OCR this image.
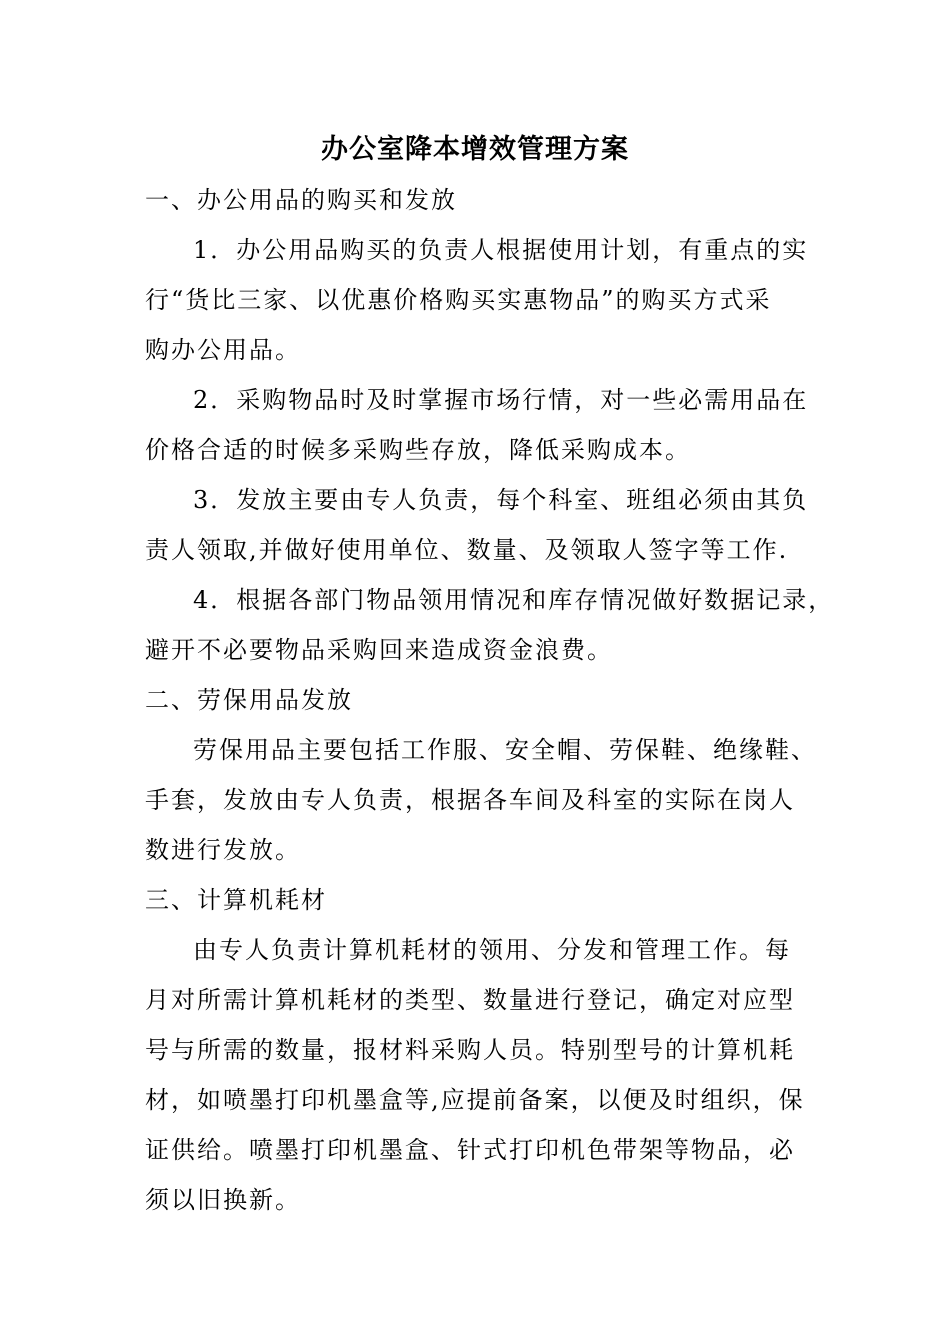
办公室降本增效管理方案

一、办公用品的购买和发放

1．办公用品购买的负责人根据使用计划，有重点的实
行“货比三家、以优惠价格购买实惠物品”的购买方式采
购办公用品。

2．采购物品时及时掌握市场行情，对一些必需用品在
价格合适的时候多采购些存放，降低采购成本。

3．发放主要由专人负责，每个科室、班组必须由其负
责人领取,并做好使用单位、数量、及领取人签字等工作.

4．根据各部门物品领用情况和库存情况做好数据记录，
避开不必要物品采购回来造成资金浪费。

二、劳保用品发放

劳保用品主要包括工作服、安全帽、劳保鞋、绝缘鞋、
手套，发放由专人负责，根据各车间及科室的实际在岗人
数进行发放。

三、计算机耗材

由专人负责计算机耗材的领用、分发和管理工作。每
月对所需计算机耗材的类型、数量进行登记，确定对应型
号与所需的数量，报材料采购人员。特别型号的计算机耗
材，如喷墨打印机墨盒等,应提前备案，以便及时组织，保
证供给。喷墨打印机墨盒、针式打印机色带架等物品，必
须以旧换新。
